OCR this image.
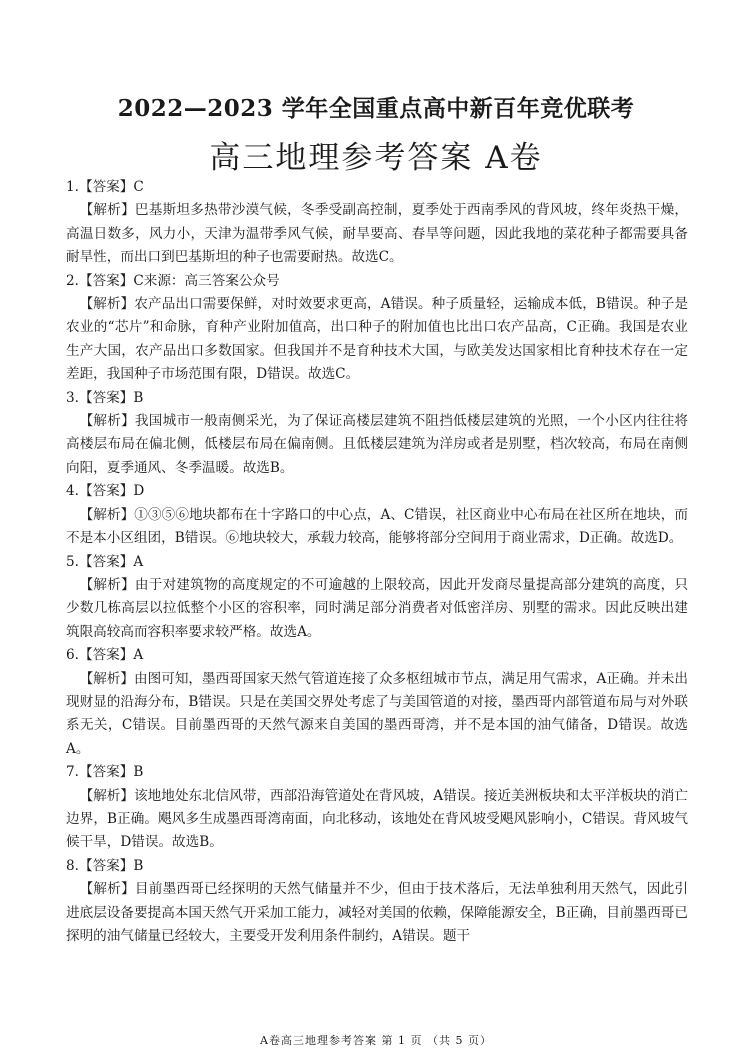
2022—2023 学年全国重点高中新百年竞优联考
高三地理参考答案 A卷
1.【答案】C
【解析】巴基斯坦多热带沙漠气候，冬季受副高控制，夏季处于西南季风的背风坡，终年炎热干燥，高温日数多，风力小，天津为温带季风气候，耐旱要高、春旱等问题，因此我地的菜花种子都需要具备耐旱性，而出口到巴基斯坦的种子也需要耐热。故选C。
2.【答案】C来源：高三答案公众号
【解析】农产品出口需要保鲜，对时效要求更高，A错误。种子质量轻，运输成本低，B错误。种子是农业的“芯片”和命脉，育种产业附加值高，出口种子的附加值也比出口农产品高，C正确。我国是农业生产大国，农产品出口多数国家。但我国并不是育种技术大国，与欧美发达国家相比育种技术存在一定差距，我国种子市场范围有限，D错误。故选C。
3.【答案】B
【解析】我国城市一般南侧采光，为了保证高楼层建筑不阻挡低楼层建筑的光照，一个小区内往往将高楼层布局在偏北侧，低楼层布局在偏南侧。且低楼层建筑为洋房或者是别墅，档次较高，布局在南侧向阳，夏季通风、冬季温暖。故选B。
4.【答案】D
【解析】①③⑤⑥地块都布在十字路口的中心点，A、C错误，社区商业中心布局在社区所在地块，而不是本小区组团，B错误。⑥地块较大，承载力较高，能够将部分空间用于商业需求，D正确。故选D。
5.【答案】A
【解析】由于对建筑物的高度规定的不可逾越的上限较高，因此开发商尽量提高部分建筑的高度，只少数几栋高层以拉低整个小区的容积率，同时满足部分消费者对低密洋房、别墅的需求。因此反映出建筑限高较高而容积率要求较严格。故选A。
6.【答案】A
【解析】由图可知，墨西哥国家天然气管道连接了众多枢纽城市节点，满足用气需求，A正确。并未出现财显的沿海分布，B错误。只是在美国交界处考虑了与美国管道的对接，墨西哥内部管道布局与对外联系无关，C错误。目前墨西哥的天然气源来自美国的墨西哥湾，并不是本国的油气储备，D错误。故选A。
7.【答案】B
【解析】该地地处东北信风带，西部沿海管道处在背风坡，A错误。接近美洲板块和太平洋板块的消亡边界，B正确。飓风多生成墨西哥湾南面，向北移动，该地处在背风坡受飓风影响小，C错误。背风坡气候干旱，D错误。故选B。
8.【答案】B
【解析】目前墨西哥已经探明的天然气储量并不少，但由于技术落后，无法单独利用天然气，因此引进底层设备要提高本国天然气开采加工能力，减轻对美国的依赖，保障能源安全，B正确，目前墨西哥已探明的油气储量已经较大，主要受开发利用条件制约，A错误。题干
A卷高三地理参考答案 第 1 页 （共 5 页）
